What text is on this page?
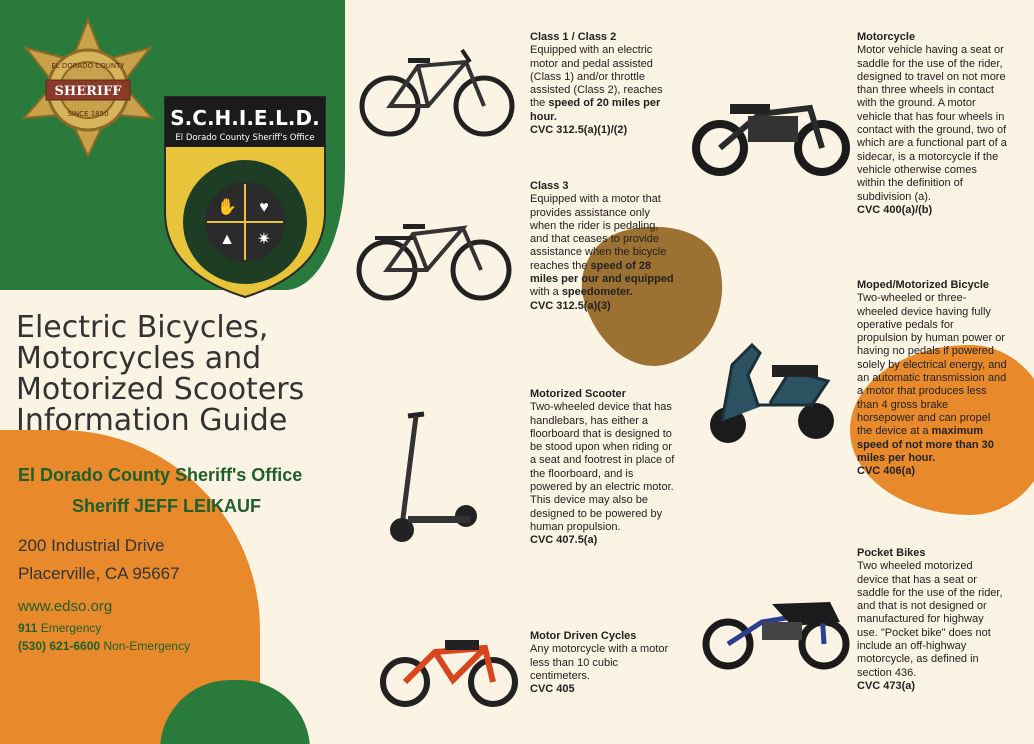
SHERIFF
EL DORADO COUNTY
SINCE 1850	S.C.H.I.E.L.D.
El Dorado County Sheriff's Office
✋ ♥
▲ ✷
Electric Bicycles,
Motorcycles and
Motorized Scooters
Information Guide
El Dorado County Sheriff's Office
Sheriff JEFF LEIKAUF
200 Industrial Drive
Placerville, CA 95667
www.edso.org
911 Emergency
(530) 621-6600 Non-Emergency
Class 1 / Class 2
Equipped with an electric motor and pedal assisted (Class 1) and/or throttle assisted (Class 2), reaches the speed of 20 miles per hour.
CVC 312.5(a)(1)/(2)
Class 3
Equipped with a motor that provides assistance only when the rider is pedaling, and that ceases to provide assistance when the bicycle reaches the speed of 28 miles per our and equipped with a speedometer.
CVC 312.5(a)(3)
Motorized Scooter
Two-wheeled device that has handlebars, has either a floorboard that is designed to be stood upon when riding or a seat and footrest in place of the floorboard, and is powered by an electric motor. This device may also be designed to be powered by human propulsion.
CVC 407.5(a)
Motor Driven Cycles
Any motorcycle with a motor less than 10 cubic centimeters.
CVC 405
Motorcycle
Motor vehicle having a seat or saddle for the use of the rider, designed to travel on not more than three wheels in contact with the ground. A motor vehicle that has four wheels in contact with the ground, two of which are a functional part of a sidecar, is a motorcycle if the vehicle otherwise comes within the definition of subdivision (a).
CVC 400(a)/(b)
Moped/Motorized Bicycle
Two-wheeled or three-wheeled device having fully operative pedals for propulsion by human power or having no pedals if powered solely by electrical energy, and an automatic transmission and a motor that produces less than 4 gross brake horsepower and can propel the device at a maximum speed of not more than 30 miles per hour.
CVC 406(a)
Pocket Bikes
Two wheeled motorized device that has a seat or saddle for the use of the rider, and that is not designed or manufactured for highway use. "Pocket bike" does not include an off-highway motorcycle, as defined in section 436.
CVC 473(a)
